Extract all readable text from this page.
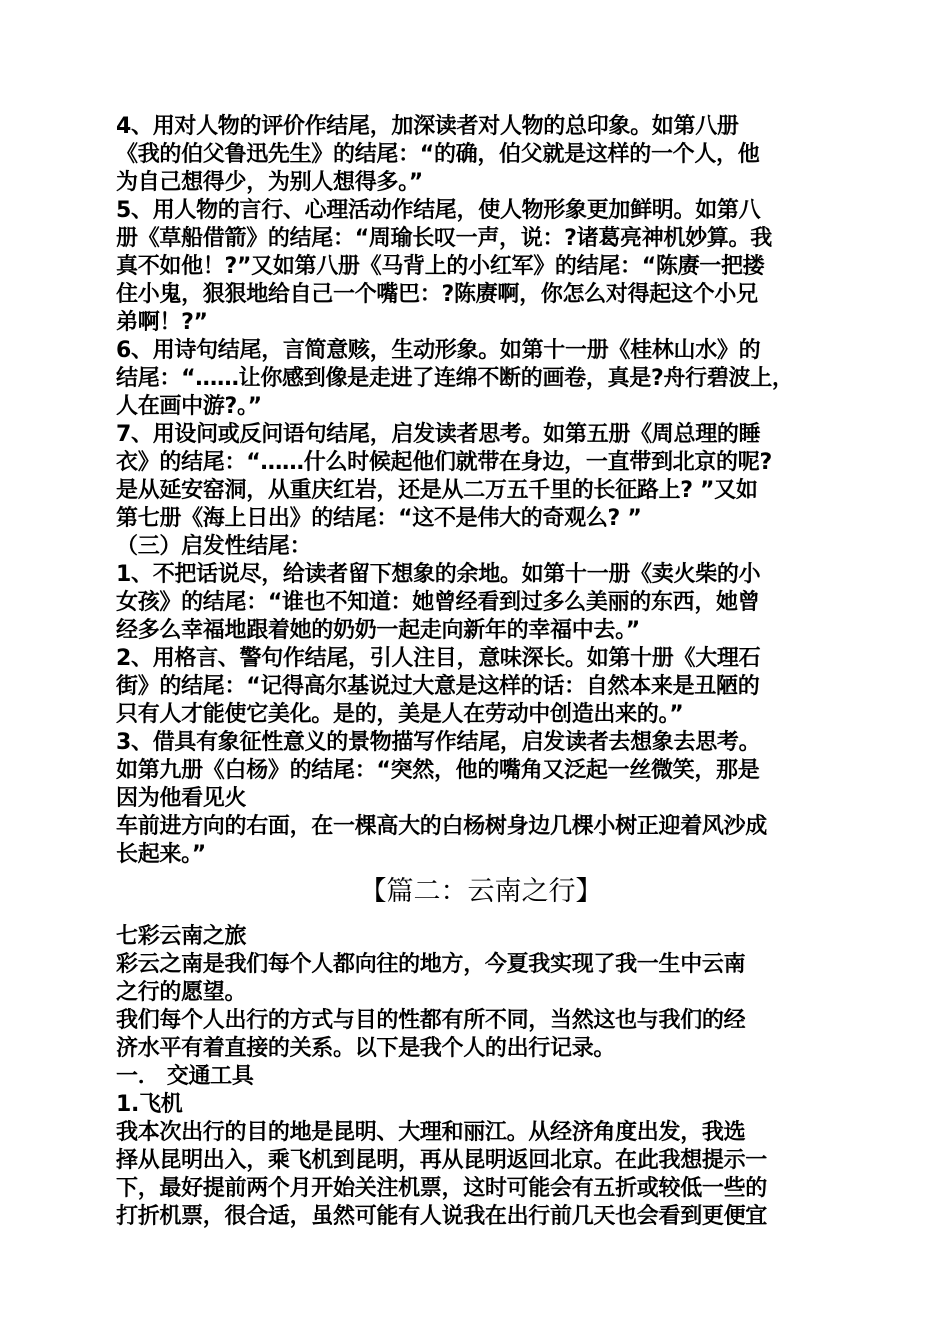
4、用对人物的评价作结尾，加深读者对人物的总印象。如第八册
《我的伯父鲁迅先生》的结尾：“的确，伯父就是这样的一个人，他
为自己想得少，为别人想得多。”
5、用人物的言行、心理活动作结尾，使人物形象更加鲜明。如第八
册《草船借箭》的结尾：“周瑜长叹一声，说：?诸葛亮神机妙算。我
真不如他！?”又如第八册《马背上的小红军》的结尾：“陈赓一把搂
住小鬼，狠狠地给自己一个嘴巴：?陈赓啊，你怎么对得起这个小兄
弟啊！?”
6、用诗句结尾，言简意赅，生动形象。如第十一册《桂林山水》的
结尾：“……让你感到像是走进了连绵不断的画卷，真是?舟行碧波上，
人在画中游?。”
7、用设问或反问语句结尾，启发读者思考。如第五册《周总理的睡
衣》的结尾：“……什么时候起他们就带在身边，一直带到北京的呢?
是从延安窑洞，从重庆红岩，还是从二万五千里的长征路上? ”又如
第七册《海上日出》的结尾：“这不是伟大的奇观么? ”
（三）启发性结尾：
1、不把话说尽，给读者留下想象的余地。如第十一册《卖火柴的小
女孩》的结尾：“谁也不知道：她曾经看到过多么美丽的东西，她曾
经多么幸福地跟着她的奶奶一起走向新年的幸福中去。”
2、用格言、警句作结尾，引人注目，意味深长。如第十册《大理石
街》的结尾：“记得高尔基说过大意是这样的话：自然本来是丑陋的
只有人才能使它美化。是的，美是人在劳动中创造出来的。”
3、借具有象征性意义的景物描写作结尾，启发读者去想象去思考。
如第九册《白杨》的结尾：“突然，他的嘴角又泛起一丝微笑，那是
因为他看见火
车前进方向的右面，在一棵高大的白杨树身边几棵小树正迎着风沙成
长起来。”
【篇二：云南之行】
七彩云南之旅
彩云之南是我们每个人都向往的地方，今夏我实现了我一生中云南
之行的愿望。
我们每个人出行的方式与目的性都有所不同，当然这也与我们的经
济水平有着直接的关系。以下是我个人的出行记录。
一． 交通工具
1.飞机
我本次出行的目的地是昆明、大理和丽江。从经济角度出发，我选
择从昆明出入，乘飞机到昆明，再从昆明返回北京。在此我想提示一
下，最好提前两个月开始关注机票，这时可能会有五折或较低一些的
打折机票，很合适，虽然可能有人说我在出行前几天也会看到更便宜
